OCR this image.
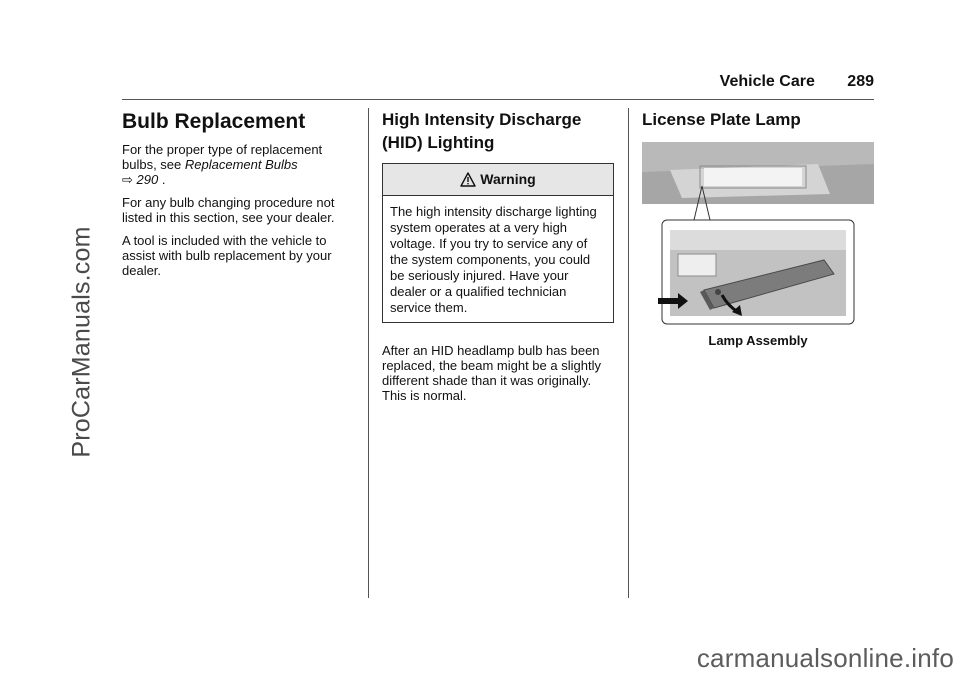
ProCarManuals.com
Vehicle Care 289
Bulb Replacement

For the proper type of replacement bulbs, see Replacement Bulbs
⇨ 290 .

For any bulb changing procedure not listed in this section, see your dealer.

A tool is included with the vehicle to assist with bulb replacement by your dealer.

High Intensity Discharge (HID) Lighting
Warning
The high intensity discharge lighting system operates at a very high voltage. If you try to service any of the system components, you could be seriously injured. Have your dealer or a qualified technician service them.

After an HID headlamp bulb has been replaced, the beam might be a slightly different shade than it was originally. This is normal.

License Plate Lamp
Lamp Assembly
carmanualsonline.info
